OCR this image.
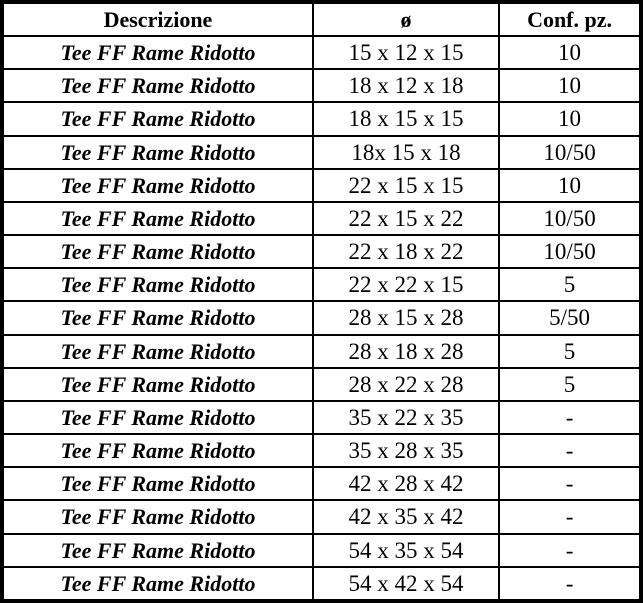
Descrizione	ø	Conf. pz.
Tee FF Rame Ridotto	15 x 12 x 15	10
Tee FF Rame Ridotto	18 x 12 x 18	10
Tee FF Rame Ridotto	18 x 15 x 15	10
Tee FF Rame Ridotto	18x 15 x 18	10/50
Tee FF Rame Ridotto	22 x 15 x 15	10
Tee FF Rame Ridotto	22 x 15 x 22	10/50
Tee FF Rame Ridotto	22 x 18 x 22	10/50
Tee FF Rame Ridotto	22 x 22 x 15	5
Tee FF Rame Ridotto	28 x 15 x 28	5/50
Tee FF Rame Ridotto	28 x 18 x 28	5
Tee FF Rame Ridotto	28 x 22 x 28	5
Tee FF Rame Ridotto	35 x 22 x 35	-
Tee FF Rame Ridotto	35 x 28 x 35	-
Tee FF Rame Ridotto	42 x 28 x 42	-
Tee FF Rame Ridotto	42 x 35 x 42	-
Tee FF Rame Ridotto	54 x 35 x 54	-
Tee FF Rame Ridotto	54 x 42 x 54	-
